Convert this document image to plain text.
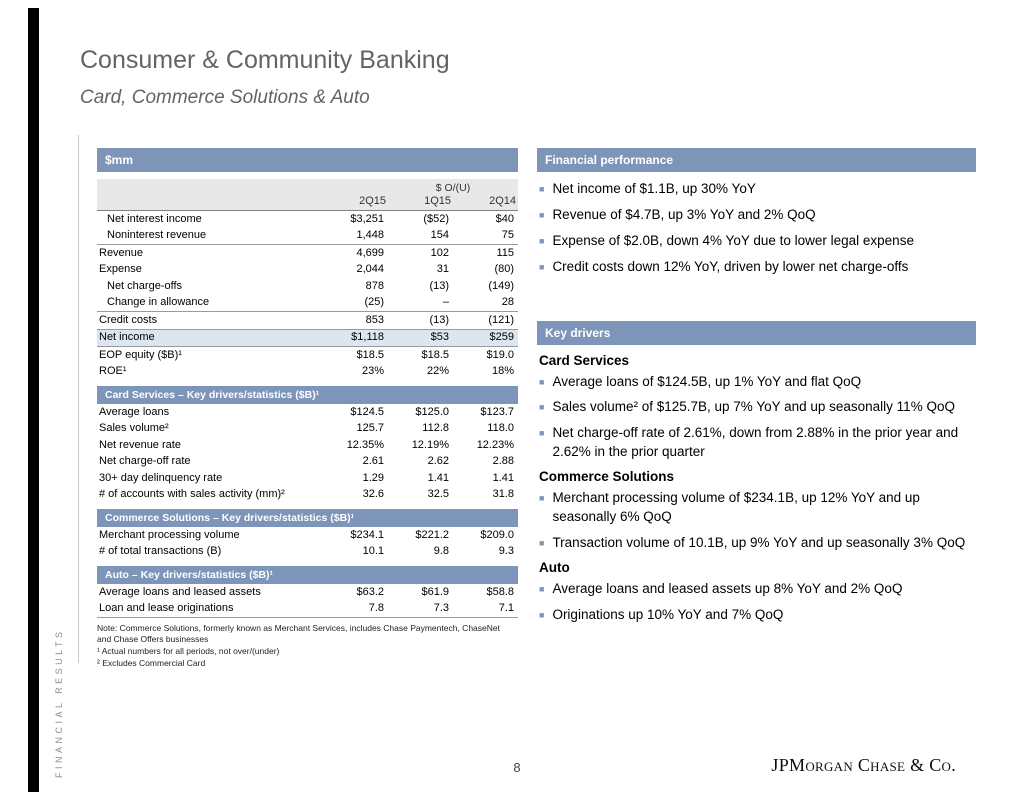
FINANCIAL RESULTS
Consumer & Community Banking
Card, Commerce Solutions & Auto
$mm
$ O/(U)
2Q15	1Q15	2Q14
Net interest income	$3,251	($52)	$40
Noninterest revenue	1,448	154	75
Revenue	4,699	102	115
Expense	2,044	31	(80)
Net charge-offs	878	(13)	(149)
Change in allowance	(25)	–	28
Credit costs	853	(13)	(121)
Net income	$1,118	$53	$259
EOP equity ($B)¹	$18.5	$18.5	$19.0
ROE¹	23%	22%	18%
Card Services – Key drivers/statistics ($B)¹
Average loans	$124.5	$125.0	$123.7
Sales volume²	125.7	112.8	118.0
Net revenue rate	12.35%	12.19%	12.23%
Net charge-off rate	2.61	2.62	2.88
30+ day delinquency rate	1.29	1.41	1.41
# of accounts with sales activity (mm)²	32.6	32.5	31.8
Commerce Solutions – Key drivers/statistics ($B)¹
Merchant processing volume	$234.1	$221.2	$209.0
# of total transactions (B)	10.1	9.8	9.3
Auto – Key drivers/statistics ($B)¹
Average loans and leased assets	$63.2	$61.9	$58.8
Loan and lease originations	7.8	7.3	7.1
Note: Commerce Solutions, formerly known as Merchant Services, includes Chase Paymentech, ChaseNet and Chase Offers businesses
¹ Actual numbers for all periods, not over/(under)
² Excludes Commercial Card
Financial performance
■ Net income of $1.1B, up 30% YoY
■ Revenue of $4.7B, up 3% YoY and 2% QoQ
■ Expense of $2.0B, down 4% YoY due to lower legal expense
■ Credit costs down 12% YoY, driven by lower net charge-offs
Key drivers
Card Services
■ Average loans of $124.5B, up 1% YoY and flat QoQ
■ Sales volume² of $125.7B, up 7% YoY and up seasonally 11% QoQ
■ Net charge-off rate of 2.61%, down from 2.88% in the prior year and 2.62% in the prior quarter
Commerce Solutions
■ Merchant processing volume of $234.1B, up 12% YoY and up seasonally 6% QoQ
■ Transaction volume of 10.1B, up 9% YoY and up seasonally 3% QoQ
Auto
■ Average loans and leased assets up 8% YoY and 2% QoQ
■ Originations up 10% YoY and 7% QoQ
8	JPMorgan Chase & Co.
